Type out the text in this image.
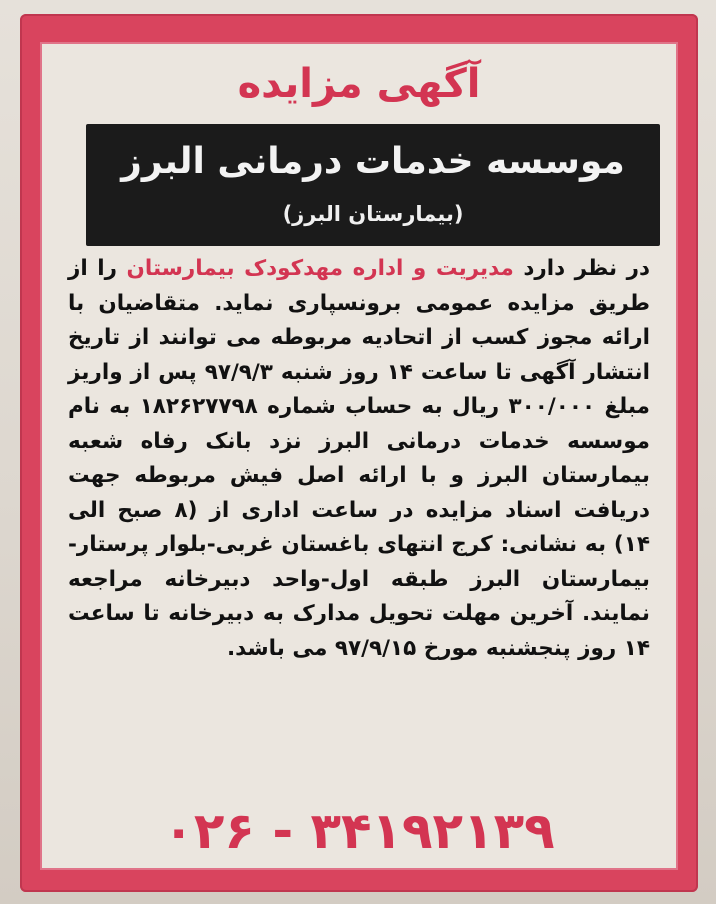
آگهی مزایده
موسسه خدمات درمانی البرز
(بیمارستان البرز)

در نظر دارد مدیریت و اداره مهدکودک بیمارستان را از طریق مزایده عمومی برونسپاری نماید. متقاضیان با ارائه مجوز کسب از اتحادیه مربوطه می توانند از تاریخ انتشار آگهی تا ساعت ۱۴ روز شنبه ۹۷/۹/۳ پس از واریز مبلغ ۳۰۰/۰۰۰ ریال به حساب شماره ۱۸۲۶۲۷۷۹۸ به نام موسسه خدمات درمانی البرز نزد بانک رفاه شعبه بیمارستان البرز و با ارائه اصل فیش مربوطه جهت دریافت اسناد مزایده در ساعت اداری از (۸ صبح الی ۱۴) به نشانی: کرج انتهای باغستان غربی-بلوار پرستار-بیمارستان البرز طبقه اول-واحد دبیرخانه مراجعه نمایند. آخرین مهلت تحویل مدارک به دبیرخانه تا ساعت ۱۴ روز پنجشنبه مورخ ۹۷/۹/۱۵ می باشد.

۰۲۶ - ۳۴۱۹۲۱۳۹
